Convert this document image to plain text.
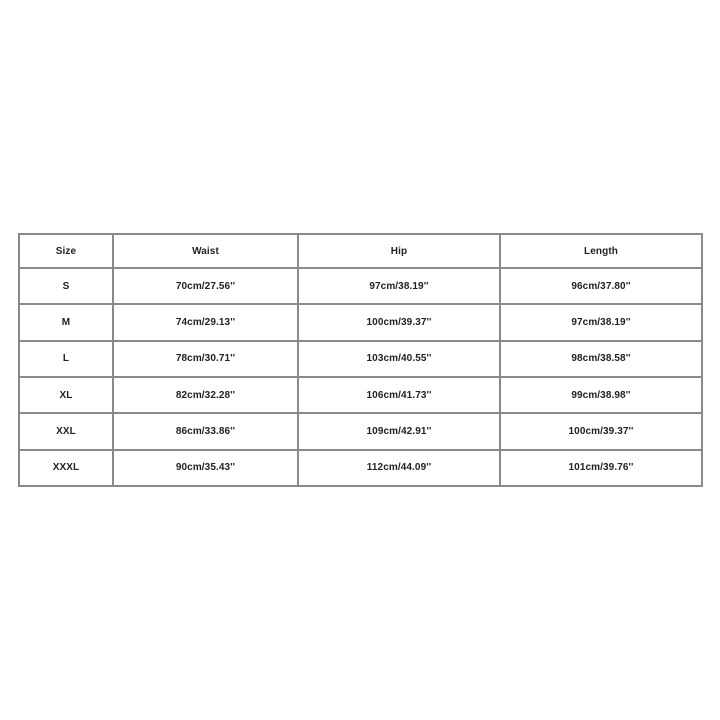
Size	Waist	Hip	Length
S	70cm/27.56''	97cm/38.19''	96cm/37.80''
M	74cm/29.13''	100cm/39.37''	97cm/38.19''
L	78cm/30.71''	103cm/40.55''	98cm/38.58''
XL	82cm/32.28''	106cm/41.73''	99cm/38.98''
XXL	86cm/33.86''	109cm/42.91''	100cm/39.37''
XXXL	90cm/35.43''	112cm/44.09''	101cm/39.76''
